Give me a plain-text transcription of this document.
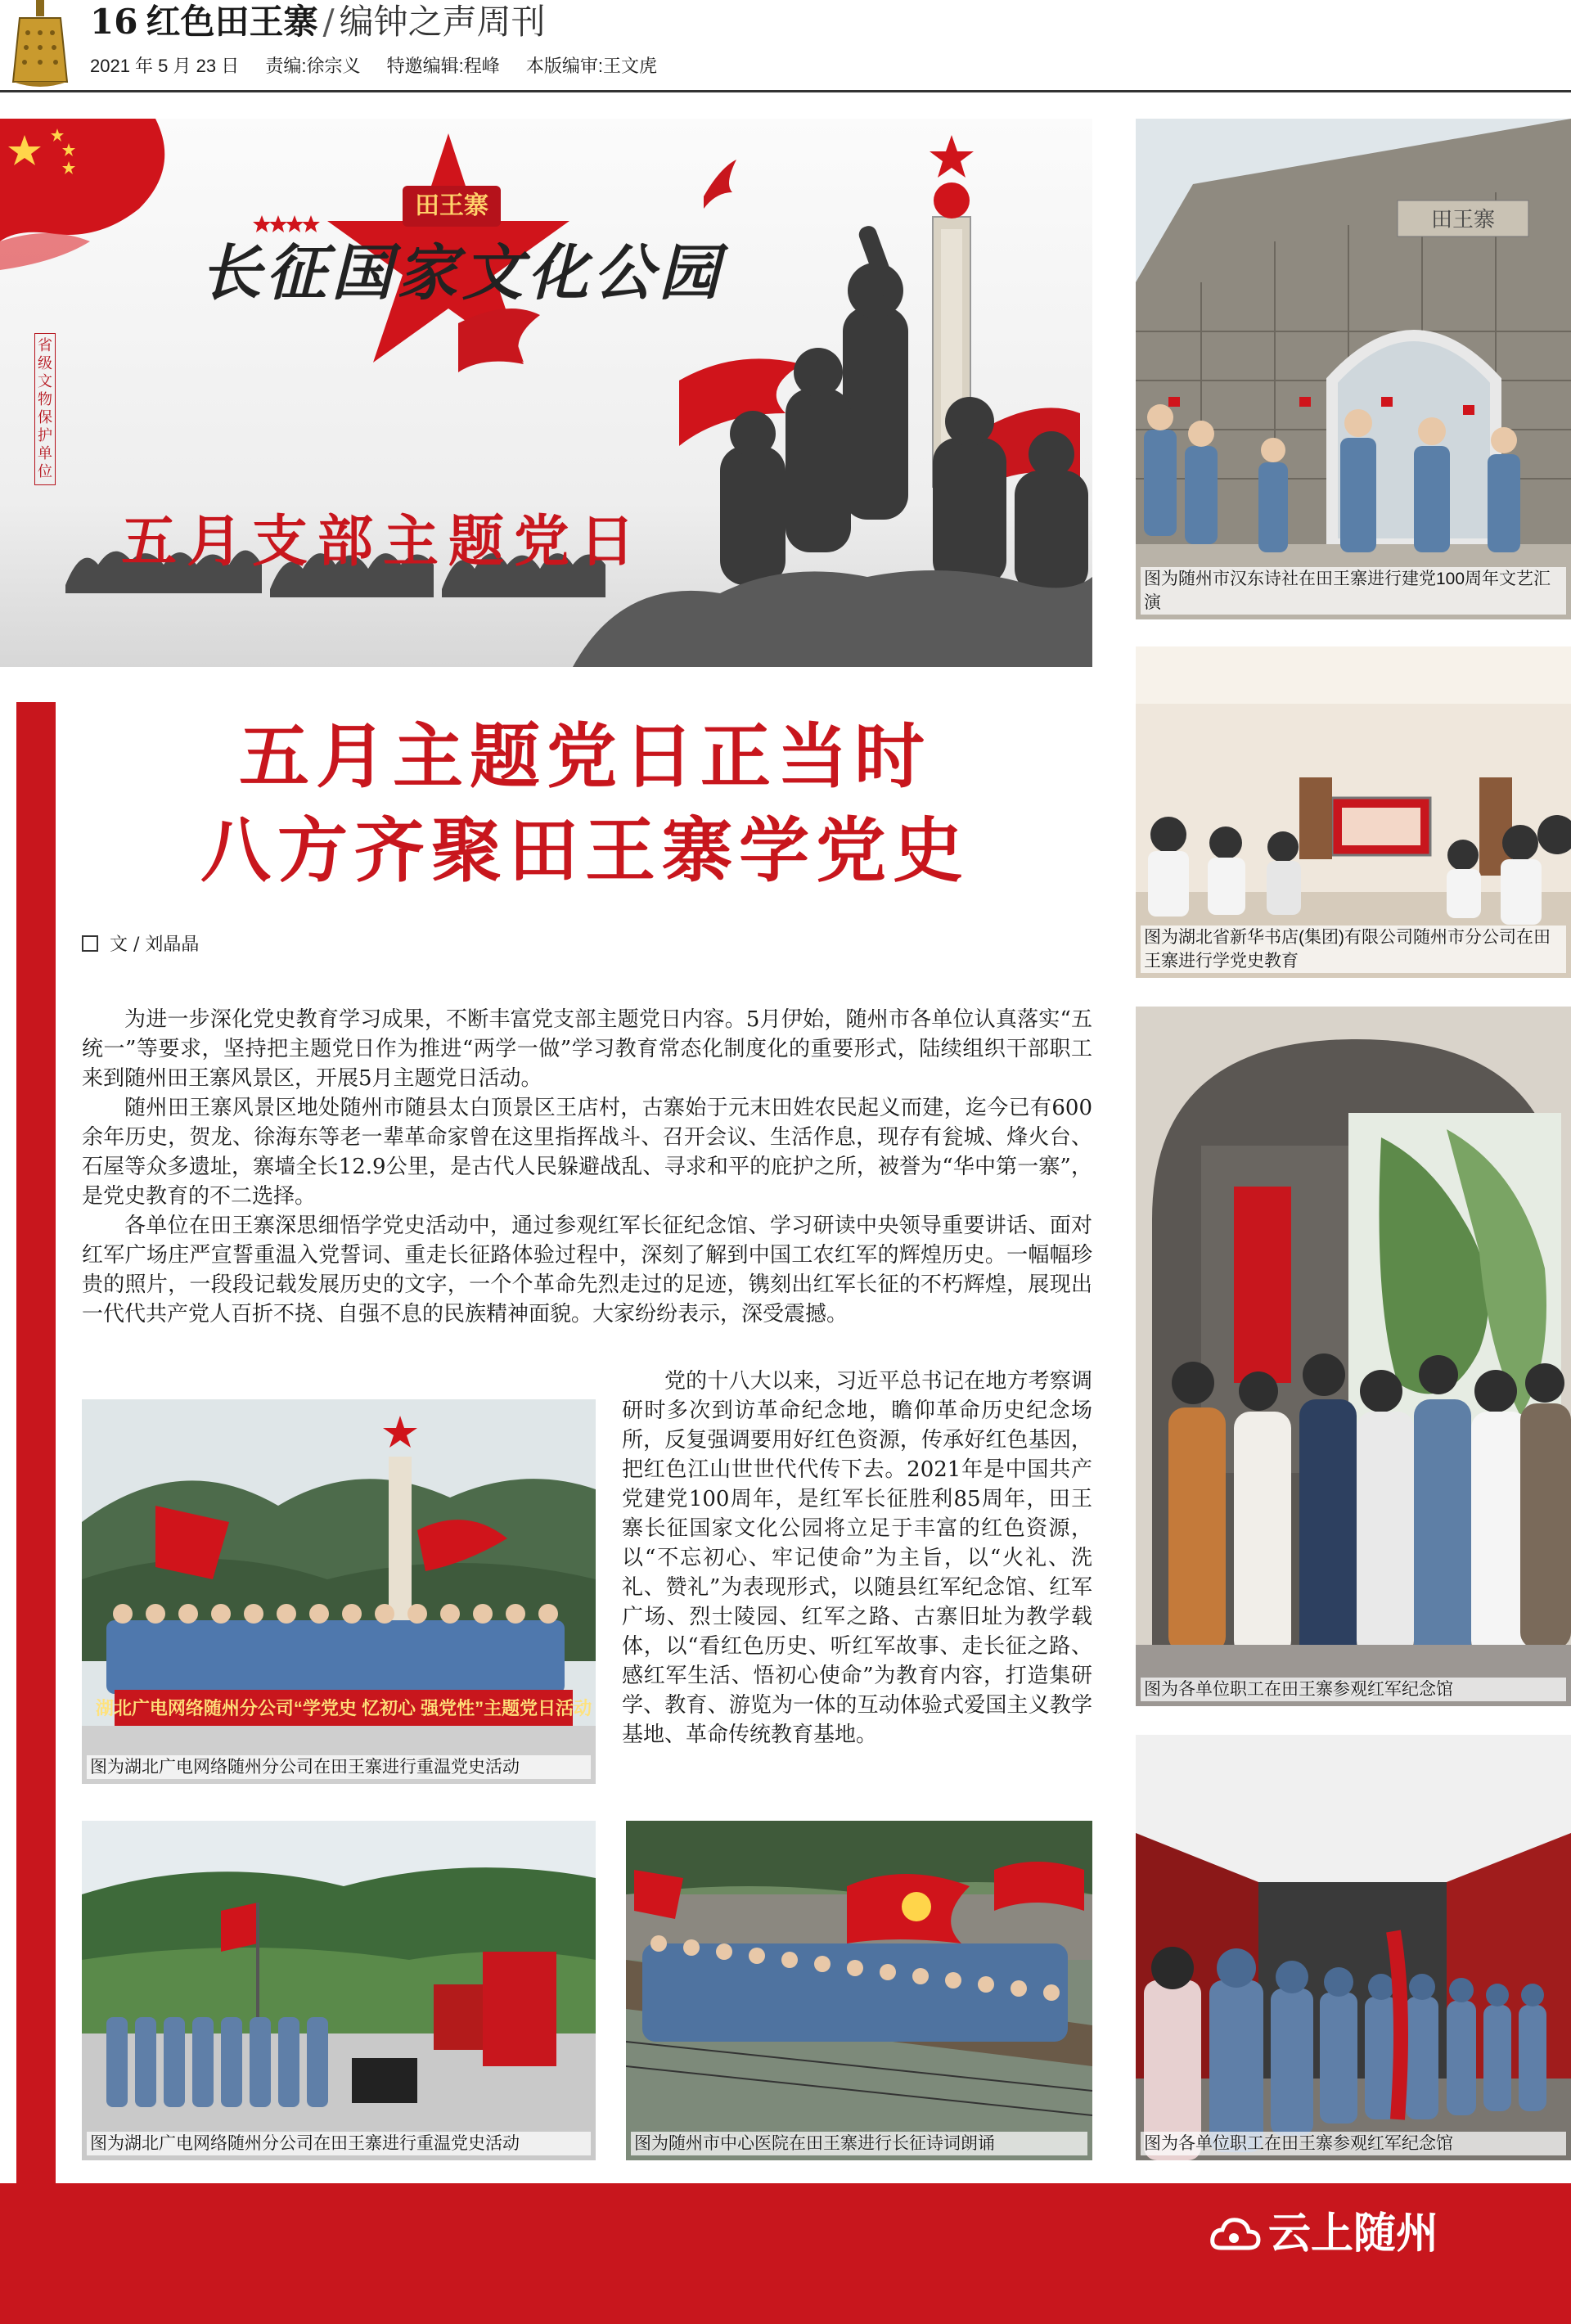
16 红色田王寨 / 编钟之声周刊
2021 年 5 月 23 日 责编:徐宗义 特邀编辑:程峰 本版编审:王文虎
田王寨
长征国家文化公园
省级文物保护单位
五月支部主题党日
田王寨
图为随州市汉东诗社在田王寨进行建党100周年文艺汇演
图为湖北省新华书店(集团)有限公司随州市分公司在田王寨进行学党史教育
图为各单位职工在田王寨参观红军纪念馆
图为各单位职工在田王寨参观红军纪念馆
五月主题党日正当时
八方齐聚田王寨学党史
文 / 刘晶晶

为进一步深化党史教育学习成果，不断丰富党支部主题党日内容。5月伊始，随州市各单位认真落实“五统一”等要求，坚持把主题党日作为推进“两学一做”学习教育常态化制度化的重要形式，陆续组织干部职工来到随州田王寨风景区，开展5月主题党日活动。

随州田王寨风景区地处随州市随县太白顶景区王店村，古寨始于元末田姓农民起义而建，迄今已有600余年历史，贺龙、徐海东等老一辈革命家曾在这里指挥战斗、召开会议、生活作息，现存有瓮城、烽火台、石屋等众多遗址，寨墙全长12.9公里，是古代人民躲避战乱、寻求和平的庇护之所，被誉为“华中第一寨”，是党史教育的不二选择。

各单位在田王寨深思细悟学党史活动中，通过参观红军长征纪念馆、学习研读中央领导重要讲话、面对红军广场庄严宣誓重温入党誓词、重走长征路体验过程中，深刻了解到中国工农红军的辉煌历史。一幅幅珍贵的照片，一段段记载发展历史的文字，一个个革命先烈走过的足迹，镌刻出红军长征的不朽辉煌，展现出一代代共产党人百折不挠、自强不息的民族精神面貌。大家纷纷表示，深受震撼。

湖北广电网络随州分公司“学党史 忆初心 强党性”主题党日活动
图为湖北广电网络随州分公司在田王寨进行重温党史活动

党的十八大以来，习近平总书记在地方考察调研时多次到访革命纪念地，瞻仰革命历史纪念场所，反复强调要用好红色资源，传承好红色基因，把红色江山世世代代传下去。2021年是中国共产党建党100周年，是红军长征胜利85周年，田王寨长征国家文化公园将立足于丰富的红色资源，以“不忘初心、牢记使命”为主旨，以“火礼、洗礼、赞礼”为表现形式，以随县红军纪念馆、红军广场、烈士陵园、红军之路、古寨旧址为教学载体，以“看红色历史、听红军故事、走长征之路、感红军生活、悟初心使命”为教育内容，打造集研学、教育、游览为一体的互动体验式爱国主义教学基地、革命传统教育基地。

图为湖北广电网络随州分公司在田王寨进行重温党史活动	图为随州市中心医院在田王寨进行长征诗词朗诵
云上随州
